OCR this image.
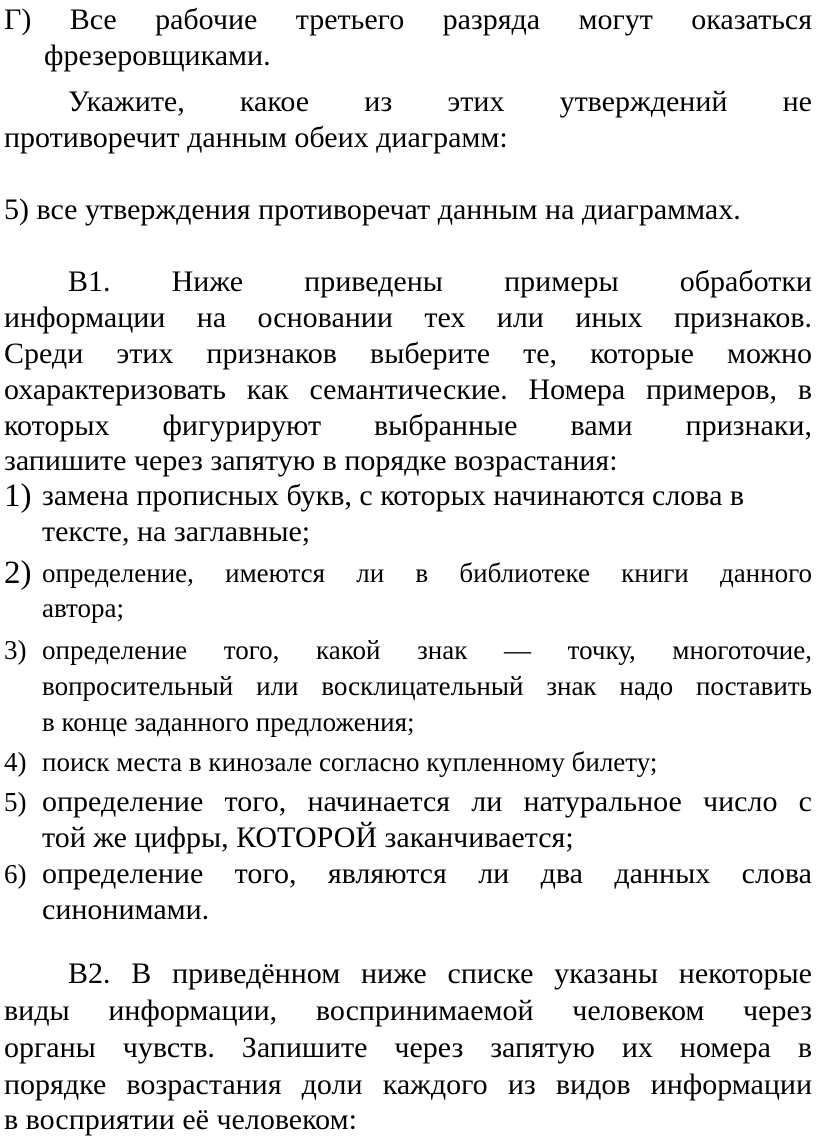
Г) Все рабочие третьего разряда могут оказаться
фрезеровщиками.
Укажите, какое из этих утверждений не
противоречит данным обеих диаграмм:
5) все утверждения противоречат данным на диаграммах.
В1. Ниже приведены примеры обработки
информации на основании тех или иных признаков.
Среди этих признаков выберите те, которые можно
охарактеризовать как семантические. Номера примеров, в
которых фигурируют выбранные вами признаки,
запишите через запятую в порядке возрастания:
1) замена прописных букв, с которых начинаются слова в
тексте, на заглавные;
2) определение, имеются ли в библиотеке книги данного
автора;
3) определение того, какой знак — точку, многоточие,
вопросительный или восклицательный знак надо поставить
в конце заданного предложения;
4) поиск места в кинозале согласно купленному билету;
5) определение того, начинается ли натуральное число с
той же цифры, КОТОРОЙ заканчивается;
6) определение того, являются ли два данных слова
синонимами.
В2. В приведённом ниже списке указаны некоторые
виды информации, воспринимаемой человеком через
органы чувств. Запишите через запятую их номера в
порядке возрастания доли каждого из видов информации
в восприятии её человеком:
